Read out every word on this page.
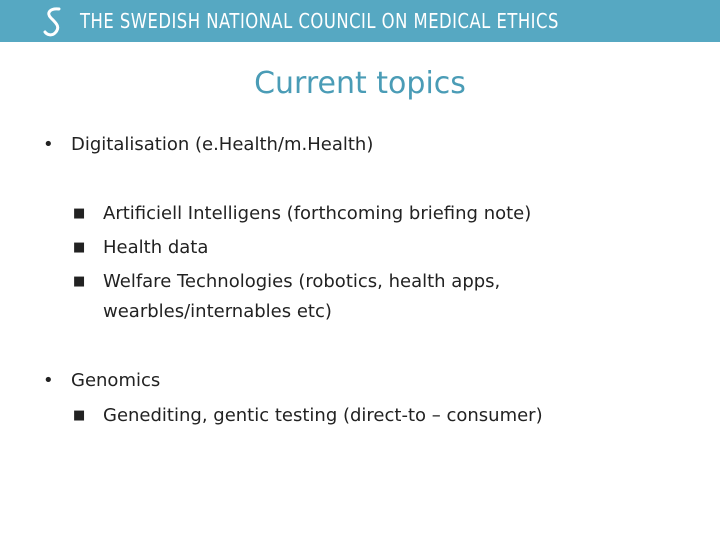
THE SWEDISH NATIONAL COUNCIL ON MEDICAL ETHICS
Current topics
• Digitalisation (e.Health/m.Health)
■ Artificiell Intelligens (forthcoming briefing note)
■ Health data
■ Welfare Technologies (robotics, health apps,
wearbles/internables etc)
• Genomics
■ Genediting, gentic testing (direct-to – consumer)
